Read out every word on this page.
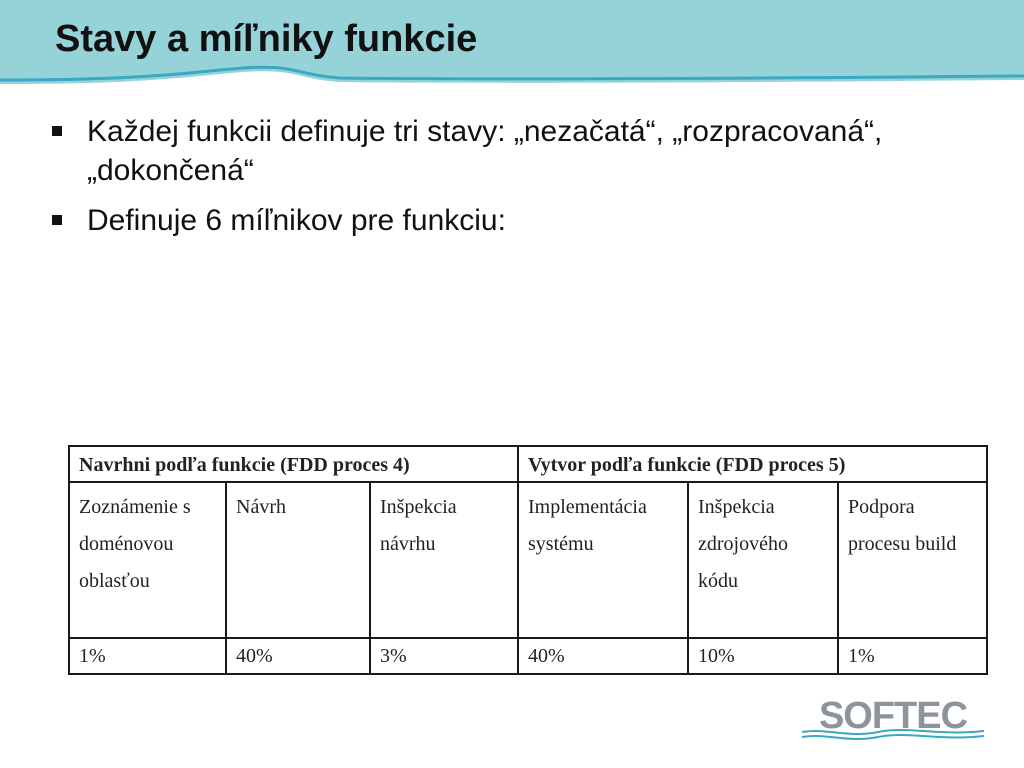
Stavy a míľniky funkcie
Každej funkcii definuje tri stavy: „nezačatá“, „rozpracovaná“, „dokončená“
Definuje 6 míľnikov pre funkciu:
Navrhni podľa funkcie (FDD proces 4)			Vytvor podľa funkcie (FDD proces 5)		
Zoznámenie s doménovou oblasťou	Návrh	Inšpekcia návrhu	Implementácia systému	Inšpekcia zdrojového kódu	Podpora procesu build
1%	40%	3%	40%	10%	1%
SOFTEC
